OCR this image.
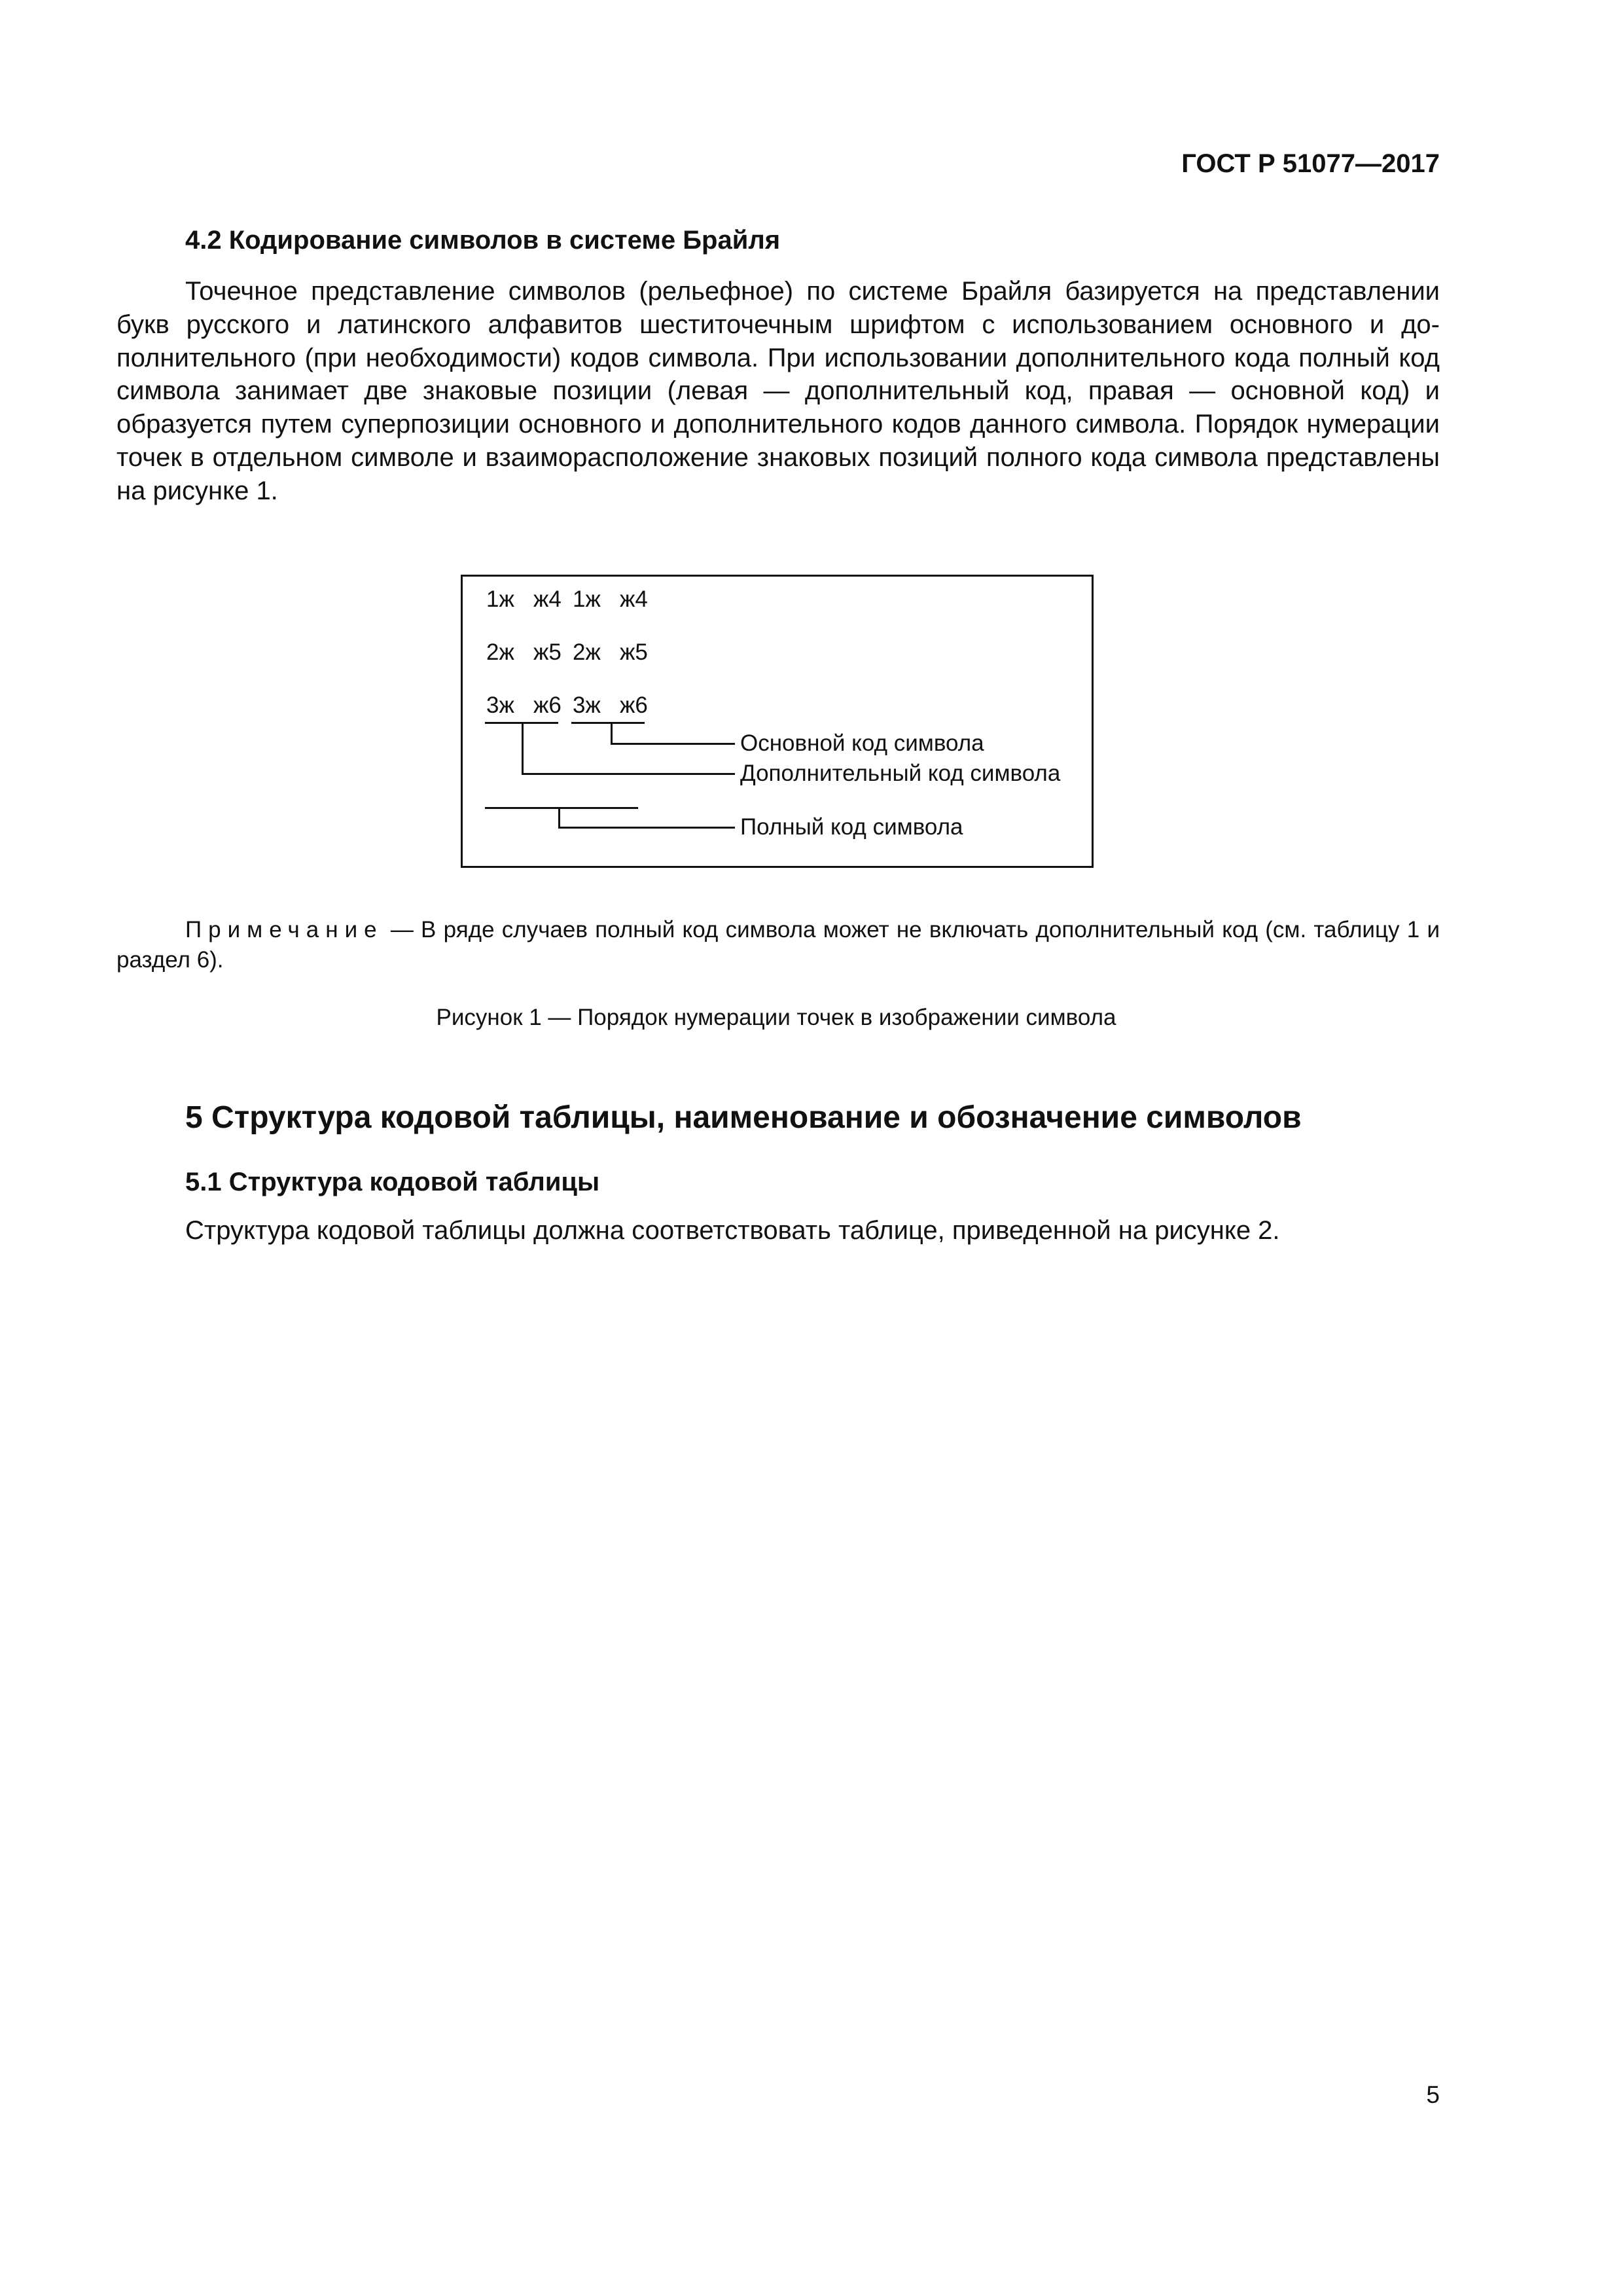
ГОСТ Р 51077—2017
4.2 Кодирование символов в системе Брайля
Точечное представление символов (рельефное) по системе Брайля базируется на представлении букв русского и латинского алфавитов шеститочечным шрифтом с использованием основного и дополнительного (при необходимости) кодов символа. При использовании дополнительного кода полный код символа занимает две знаковые позиции (левая — дополнительный код, правая — основной код) и образуется путем суперпозиции основного и дополнительного кодов данного символа. Порядок нумерации точек в отдельном символе и взаиморасположение знаковых позиций полного кода символа представлены на рисунке 1.
1ж ж4 1ж ж4
2ж ж5 2ж ж5
3ж ж6 3ж ж6
Основной код символа
Дополнительный код символа
Полный код символа
Примечание — В ряде случаев полный код символа может не включать дополнительный код (см. таблицу 1 и раздел 6).
Рисунок 1 — Порядок нумерации точек в изображении символа
5 Структура кодовой таблицы, наименование и обозначение символов
5.1 Структура кодовой таблицы
Структура кодовой таблицы должна соответствовать таблице, приведенной на рисунке 2.
5
